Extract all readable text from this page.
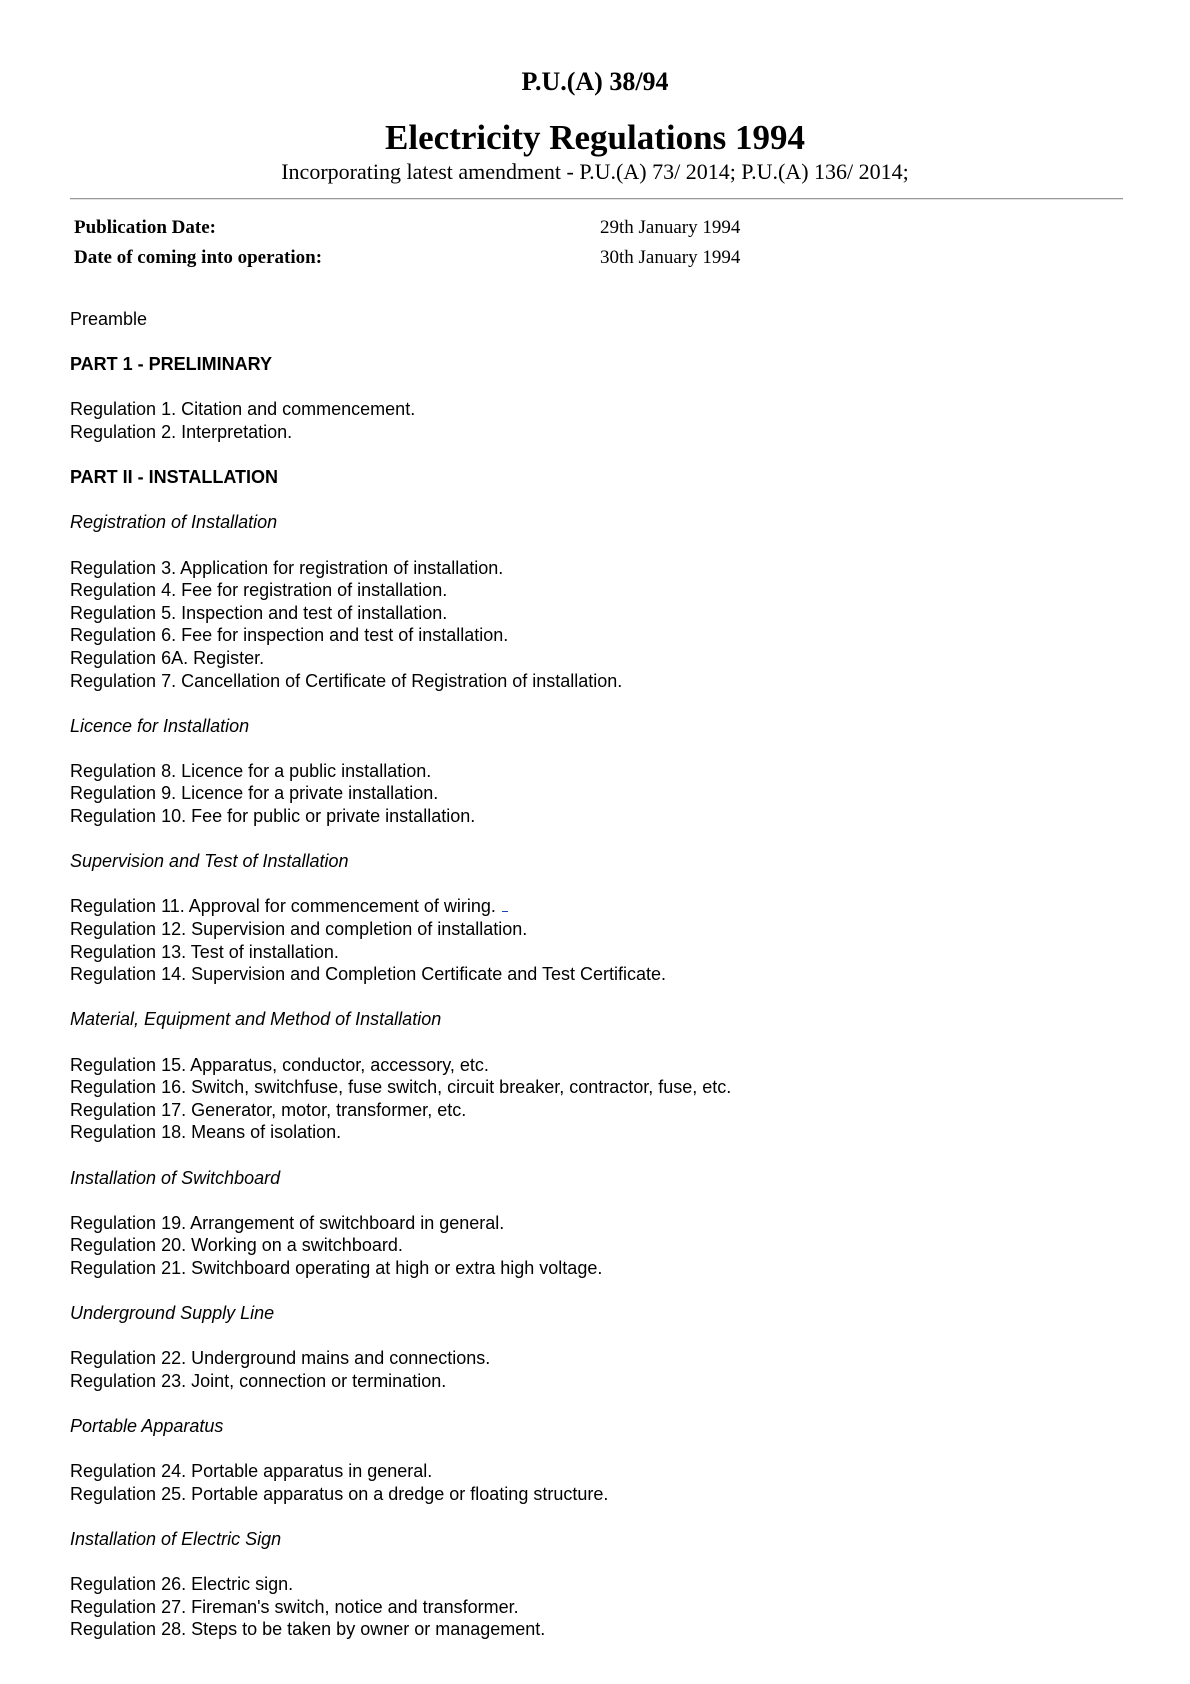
P.U.(A) 38/94
Electricity Regulations 1994
Incorporating latest amendment - P.U.(A) 73/ 2014; P.U.(A) 136/ 2014;
Publication Date:	29th January 1994
Date of coming into operation:	30th January 1994
Preamble
PART 1 - PRELIMINARY
Regulation 1. Citation and commencement.
Regulation 2. Interpretation.
PART II - INSTALLATION
Registration of Installation
Regulation 3. Application for registration of installation.
Regulation 4. Fee for registration of installation.
Regulation 5. Inspection and test of installation.
Regulation 6. Fee for inspection and test of installation.
Regulation 6A. Register.
Regulation 7. Cancellation of Certificate of Registration of installation.
Licence for Installation
Regulation 8. Licence for a public installation.
Regulation 9. Licence for a private installation.
Regulation 10. Fee for public or private installation.
Supervision and Test of Installation
Regulation 11. Approval for commencement of wiring.
Regulation 12. Supervision and completion of installation.
Regulation 13. Test of installation.
Regulation 14. Supervision and Completion Certificate and Test Certificate.
Material, Equipment and Method of Installation
Regulation 15. Apparatus, conductor, accessory, etc.
Regulation 16. Switch, switchfuse, fuse switch, circuit breaker, contractor, fuse, etc.
Regulation 17. Generator, motor, transformer, etc.
Regulation 18. Means of isolation.
Installation of Switchboard
Regulation 19. Arrangement of switchboard in general.
Regulation 20. Working on a switchboard.
Regulation 21. Switchboard operating at high or extra high voltage.
Underground Supply Line
Regulation 22. Underground mains and connections.
Regulation 23. Joint, connection or termination.
Portable Apparatus
Regulation 24. Portable apparatus in general.
Regulation 25. Portable apparatus on a dredge or floating structure.
Installation of Electric Sign
Regulation 26. Electric sign.
Regulation 27. Fireman's switch, notice and transformer.
Regulation 28. Steps to be taken by owner or management.
